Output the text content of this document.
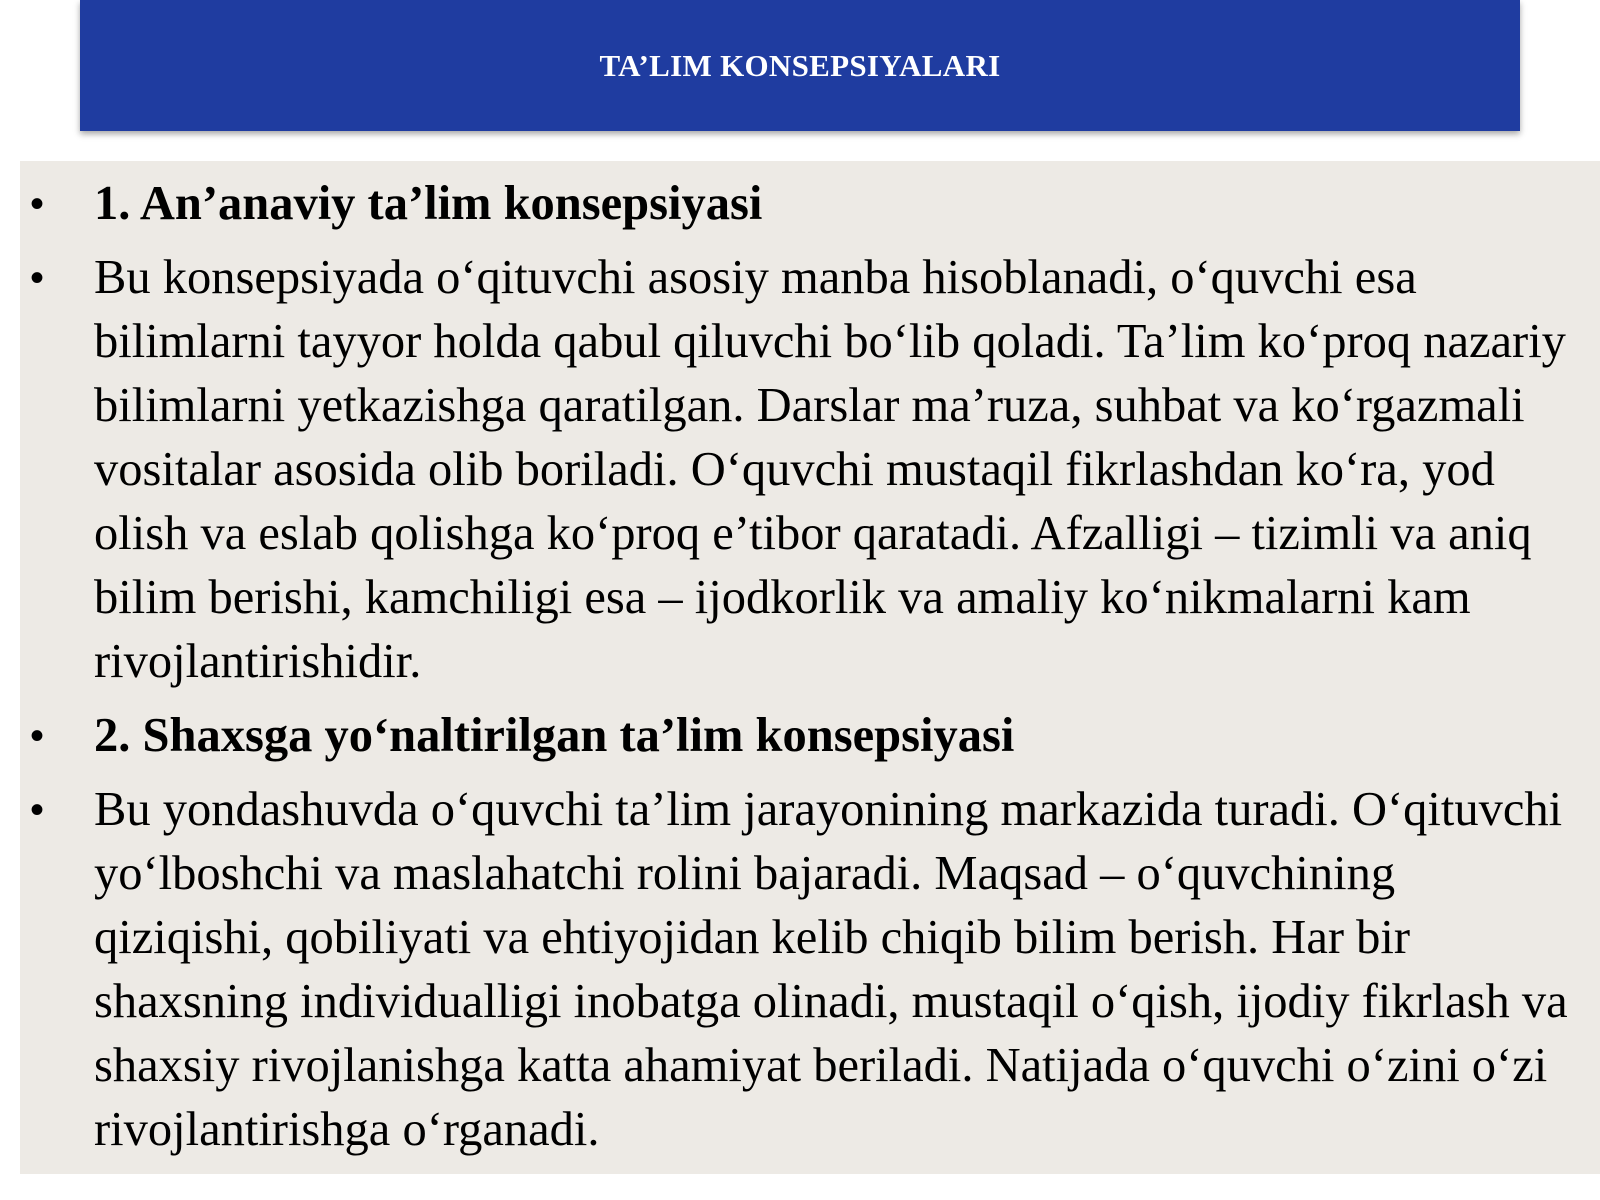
TA’LIM KONSEPSIYALARI
• 1. An’anaviy ta’lim konsepsiyasi
• Bu konsepsiyada o‘qituvchi asosiy manba hisoblanadi, o‘quvchi esa bilimlarni tayyor holda qabul qiluvchi bo‘lib qoladi. Ta’lim ko‘proq nazariy bilimlarni yetkazishga qaratilgan. Darslar ma’ruza, suhbat va ko‘rgazmali vositalar asosida olib boriladi. O‘quvchi mustaqil fikrlashdan ko‘ra, yod olish va eslab qolishga ko‘proq e’tibor qaratadi. Afzalligi – tizimli va aniq bilim berishi, kamchiligi esa – ijodkorlik va amaliy ko‘nikmalarni kam rivojlantirishidir.
• 2. Shaxsga yo‘naltirilgan ta’lim konsepsiyasi
• Bu yondashuvda o‘quvchi ta’lim jarayonining markazida turadi. O‘qituvchi yo‘lboshchi va maslahatchi rolini bajaradi. Maqsad – o‘quvchining qiziqishi, qobiliyati va ehtiyojidan kelib chiqib bilim berish. Har bir shaxsning individualligi inobatga olinadi, mustaqil o‘qish, ijodiy fikrlash va shaxsiy rivojlanishga katta ahamiyat beriladi. Natijada o‘quvchi o‘zini o‘zi rivojlantirishga o‘rganadi.
